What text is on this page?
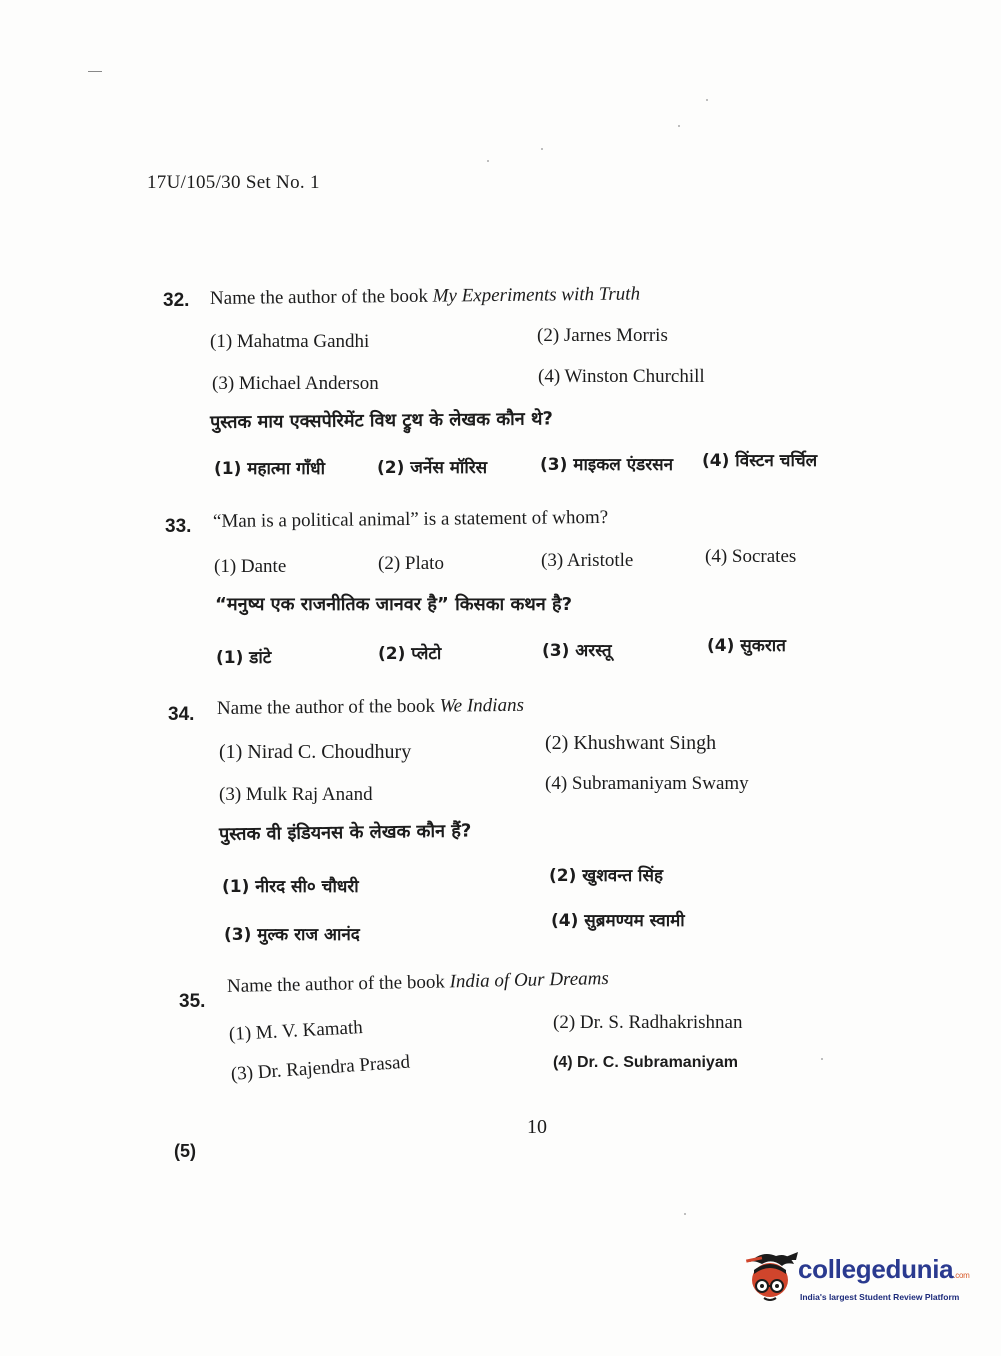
17U/105/30 Set No. 1
32. Name the author of the book My Experiments with Truth
(1) Mahatma Gandhi	(2) Jarnes Morris
(3) Michael Anderson	(4) Winston Churchill
पुस्तक माय एक्सपेरिमेंट विथ ट्रुथ के लेखक कौन थे?
(1) महात्मा गाँधी	(2) जर्नेस मॉरिस	(3) माइकल एंडरसन (4) विंस्टन चर्चिल
33. “Man is a political animal” is a statement of whom?
(1) Dante	(2) Plato	(3) Aristotle	(4) Socrates
“मनुष्य एक राजनीतिक जानवर है” किसका कथन है?
(1) डांटे	(2) प्लेटो	(3) अरस्तू	(4) सुकरात
34. Name the author of the book We Indians
(1) Nirad C. Choudhury	(2) Khushwant Singh
(3) Mulk Raj Anand
(4) Subramaniyam Swamy
पुस्तक वी इंडियनस के लेखक कौन हैं?
(1) नीरद सी० चौधरी
(2) खुशवन्त सिंह
(3) मुल्क राज आनंद
(4) सुब्रमण्यम स्वामी
35.
Name the author of the book India of Our Dreams
(1) M. V. Kamath	(2) Dr. S. Radhakrishnan
(3) Dr. Rajendra Prasad	(4) Dr. C. Subramaniyam
10
(5)
collegedunia.com
India's largest Student Review Platform
